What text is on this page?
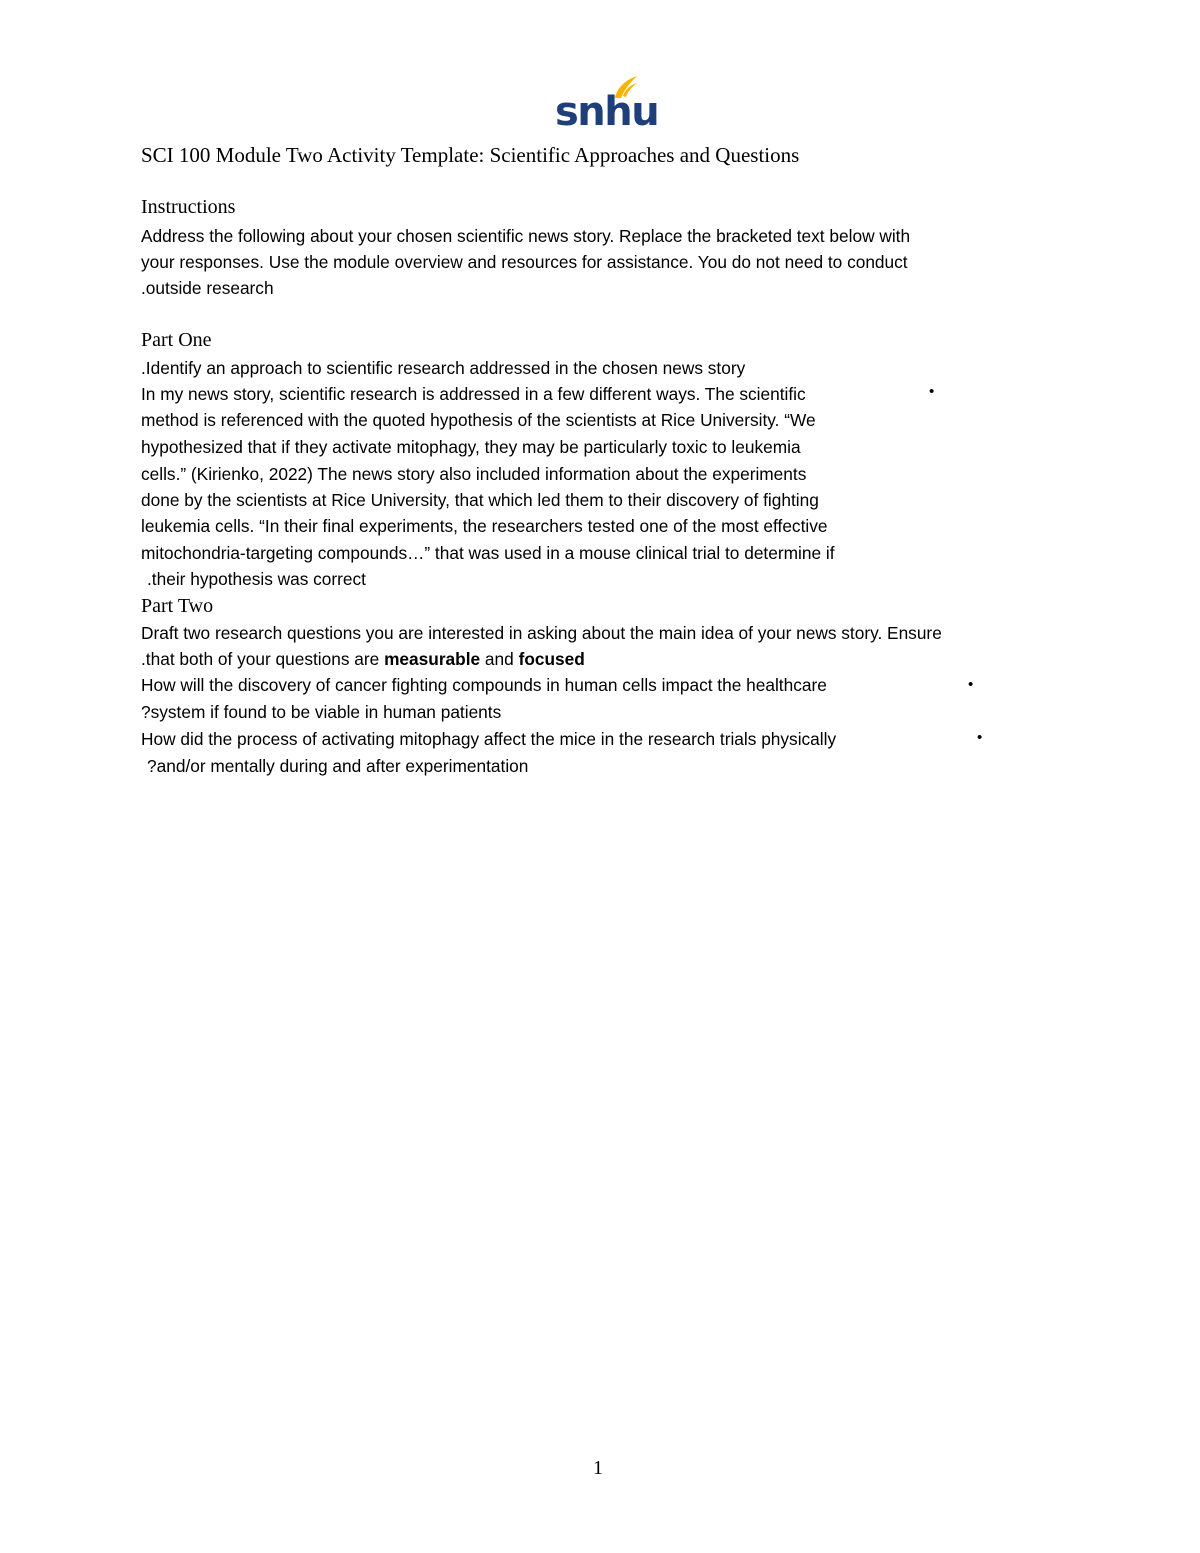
snhu
SCI 100 Module Two Activity Template: Scientific Approaches and Questions
Instructions
Address the following about your chosen scientific news story. Replace the bracketed text below with
your responses. Use the module overview and resources for assistance. You do not need to conduct
.outside research
Part One
.Identify an approach to scientific research addressed in the chosen news story
•
In my news story, scientific research is addressed in a few different ways. The scientific
method is referenced with the quoted hypothesis of the scientists at Rice University. “We
hypothesized that if they activate mitophagy, they may be particularly toxic to leukemia
cells.” (Kirienko, 2022) The news story also included information about the experiments
done by the scientists at Rice University, that which led them to their discovery of fighting
leukemia cells. “In their final experiments, the researchers tested one of the most effective
mitochondria-targeting compounds…” that was used in a mouse clinical trial to determine if
.their hypothesis was correct
Part Two
Draft two research questions you are interested in asking about the main idea of your news story. Ensure
.that both of your questions are measurable and focused
•
How will the discovery of cancer fighting compounds in human cells impact the healthcare
?system if found to be viable in human patients
•
How did the process of activating mitophagy affect the mice in the research trials physically
?and/or mentally during and after experimentation
1
